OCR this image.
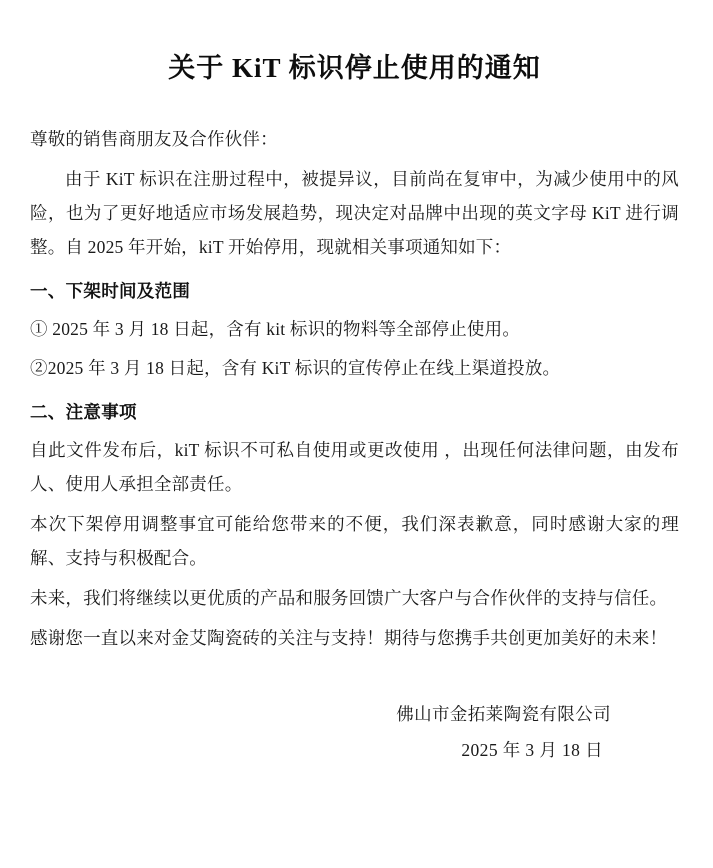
关于 KiT 标识停止使用的通知

尊敬的销售商朋友及合作伙伴：

由于 KiT 标识在注册过程中，被提异议，目前尚在复审中，为减少使用中的风险，也为了更好地适应市场发展趋势，现决定对品牌中出现的英文字母 KiT 进行调整。自 2025 年开始，kiT 开始停用，现就相关事项通知如下：

一、下架时间及范围

① 2025 年 3 月 18 日起，含有 kit 标识的物料等全部停止使用。

②2025 年 3 月 18 日起，含有 KiT 标识的宣传停止在线上渠道投放。

二、注意事项

自此文件发布后，kiT 标识不可私自使用或更改使用 ，出现任何法律问题，由发布人、使用人承担全部责任。

本次下架停用调整事宜可能给您带来的不便，我们深表歉意，同时感谢大家的理解、支持与积极配合。

未来，我们将继续以更优质的产品和服务回馈广大客户与合作伙伴的支持与信任。

感谢您一直以来对金艾陶瓷砖的关注与支持！期待与您携手共创更加美好的未来！

佛山市金拓莱陶瓷有限公司

2025 年 3 月 18 日
